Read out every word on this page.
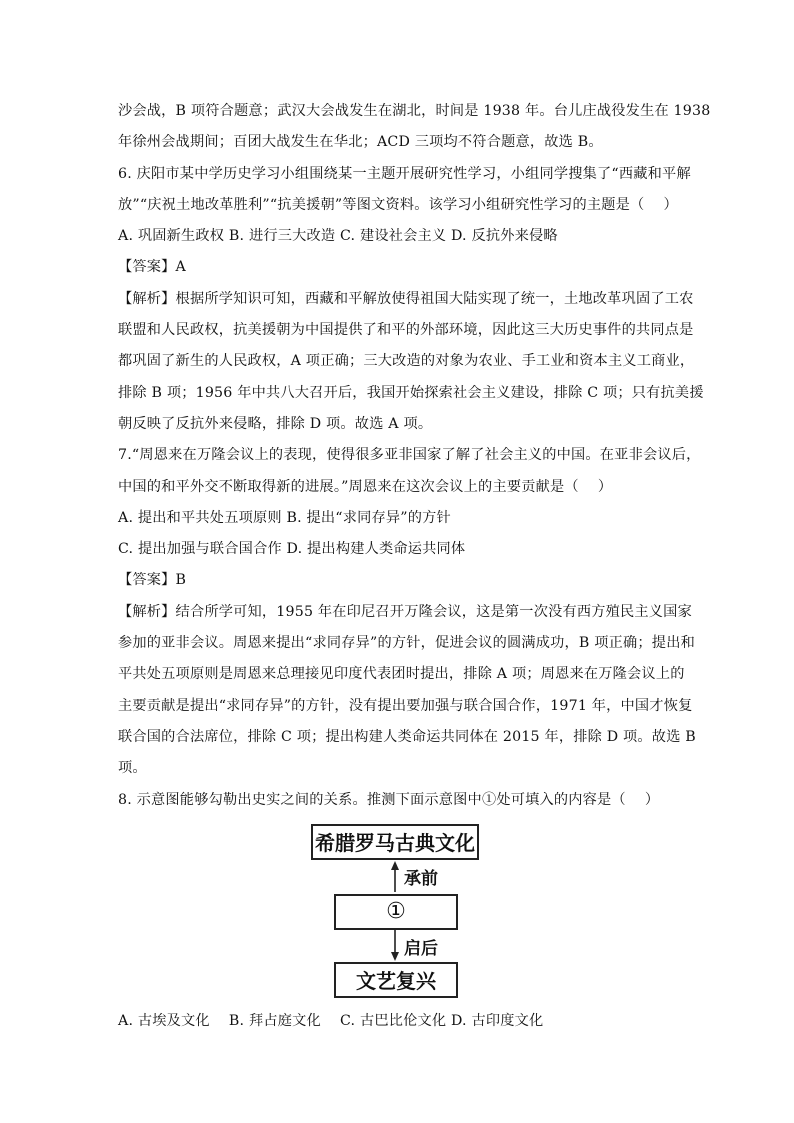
沙会战，B 项符合题意；武汉大会战发生在湖北，时间是 1938 年。台儿庄战役发生在 1938
年徐州会战期间；百团大战发生在华北；ACD 三项均不符合题意，故选 B。
6. 庆阳市某中学历史学习小组围绕某一主题开展研究性学习，小组同学搜集了“西藏和平解
放”“庆祝土地改革胜利”“抗美援朝”等图文资料。该学习小组研究性学习的主题是（　 ）
A. 巩固新生政权 B. 进行三大改造 C. 建设社会主义 D. 反抗外来侵略
【答案】A
【解析】根据所学知识可知，西藏和平解放使得祖国大陆实现了统一，土地改革巩固了工农
联盟和人民政权，抗美援朝为中国提供了和平的外部环境，因此这三大历史事件的共同点是
都巩固了新生的人民政权，A 项正确；三大改造的对象为农业、手工业和资本主义工商业，
排除 B 项；1956 年中共八大召开后，我国开始探索社会主义建设，排除 C 项；只有抗美援
朝反映了反抗外来侵略，排除 D 项。故选 A 项。
7.“周恩来在万隆会议上的表现，使得很多亚非国家了解了社会主义的中国。在亚非会议后，
中国的和平外交不断取得新的进展。”周恩来在这次会议上的主要贡献是（　 ）
A. 提出和平共处五项原则 B. 提出“求同存异”的方针
C. 提出加强与联合国合作 D. 提出构建人类命运共同体
【答案】B
【解析】结合所学可知，1955 年在印尼召开万隆会议，这是第一次没有西方殖民主义国家
参加的亚非会议。周恩来提出“求同存异”的方针，促进会议的圆满成功，B 项正确；提出和
平共处五项原则是周恩来总理接见印度代表团时提出，排除 A 项；周恩来在万隆会议上的
主要贡献是提出“求同存异”的方针，没有提出要加强与联合国合作，1971 年，中国才恢复
联合国的合法席位，排除 C 项；提出构建人类命运共同体在 2015 年，排除 D 项。故选 B
项。
8. 示意图能够勾勒出史实之间的关系。推测下面示意图中①处可填入的内容是（　 ）
希腊罗马古典文化
承前
①
启后
文艺复兴
A. 古埃及文化　 B. 拜占庭文化　 C. 古巴比伦文化 D. 古印度文化
